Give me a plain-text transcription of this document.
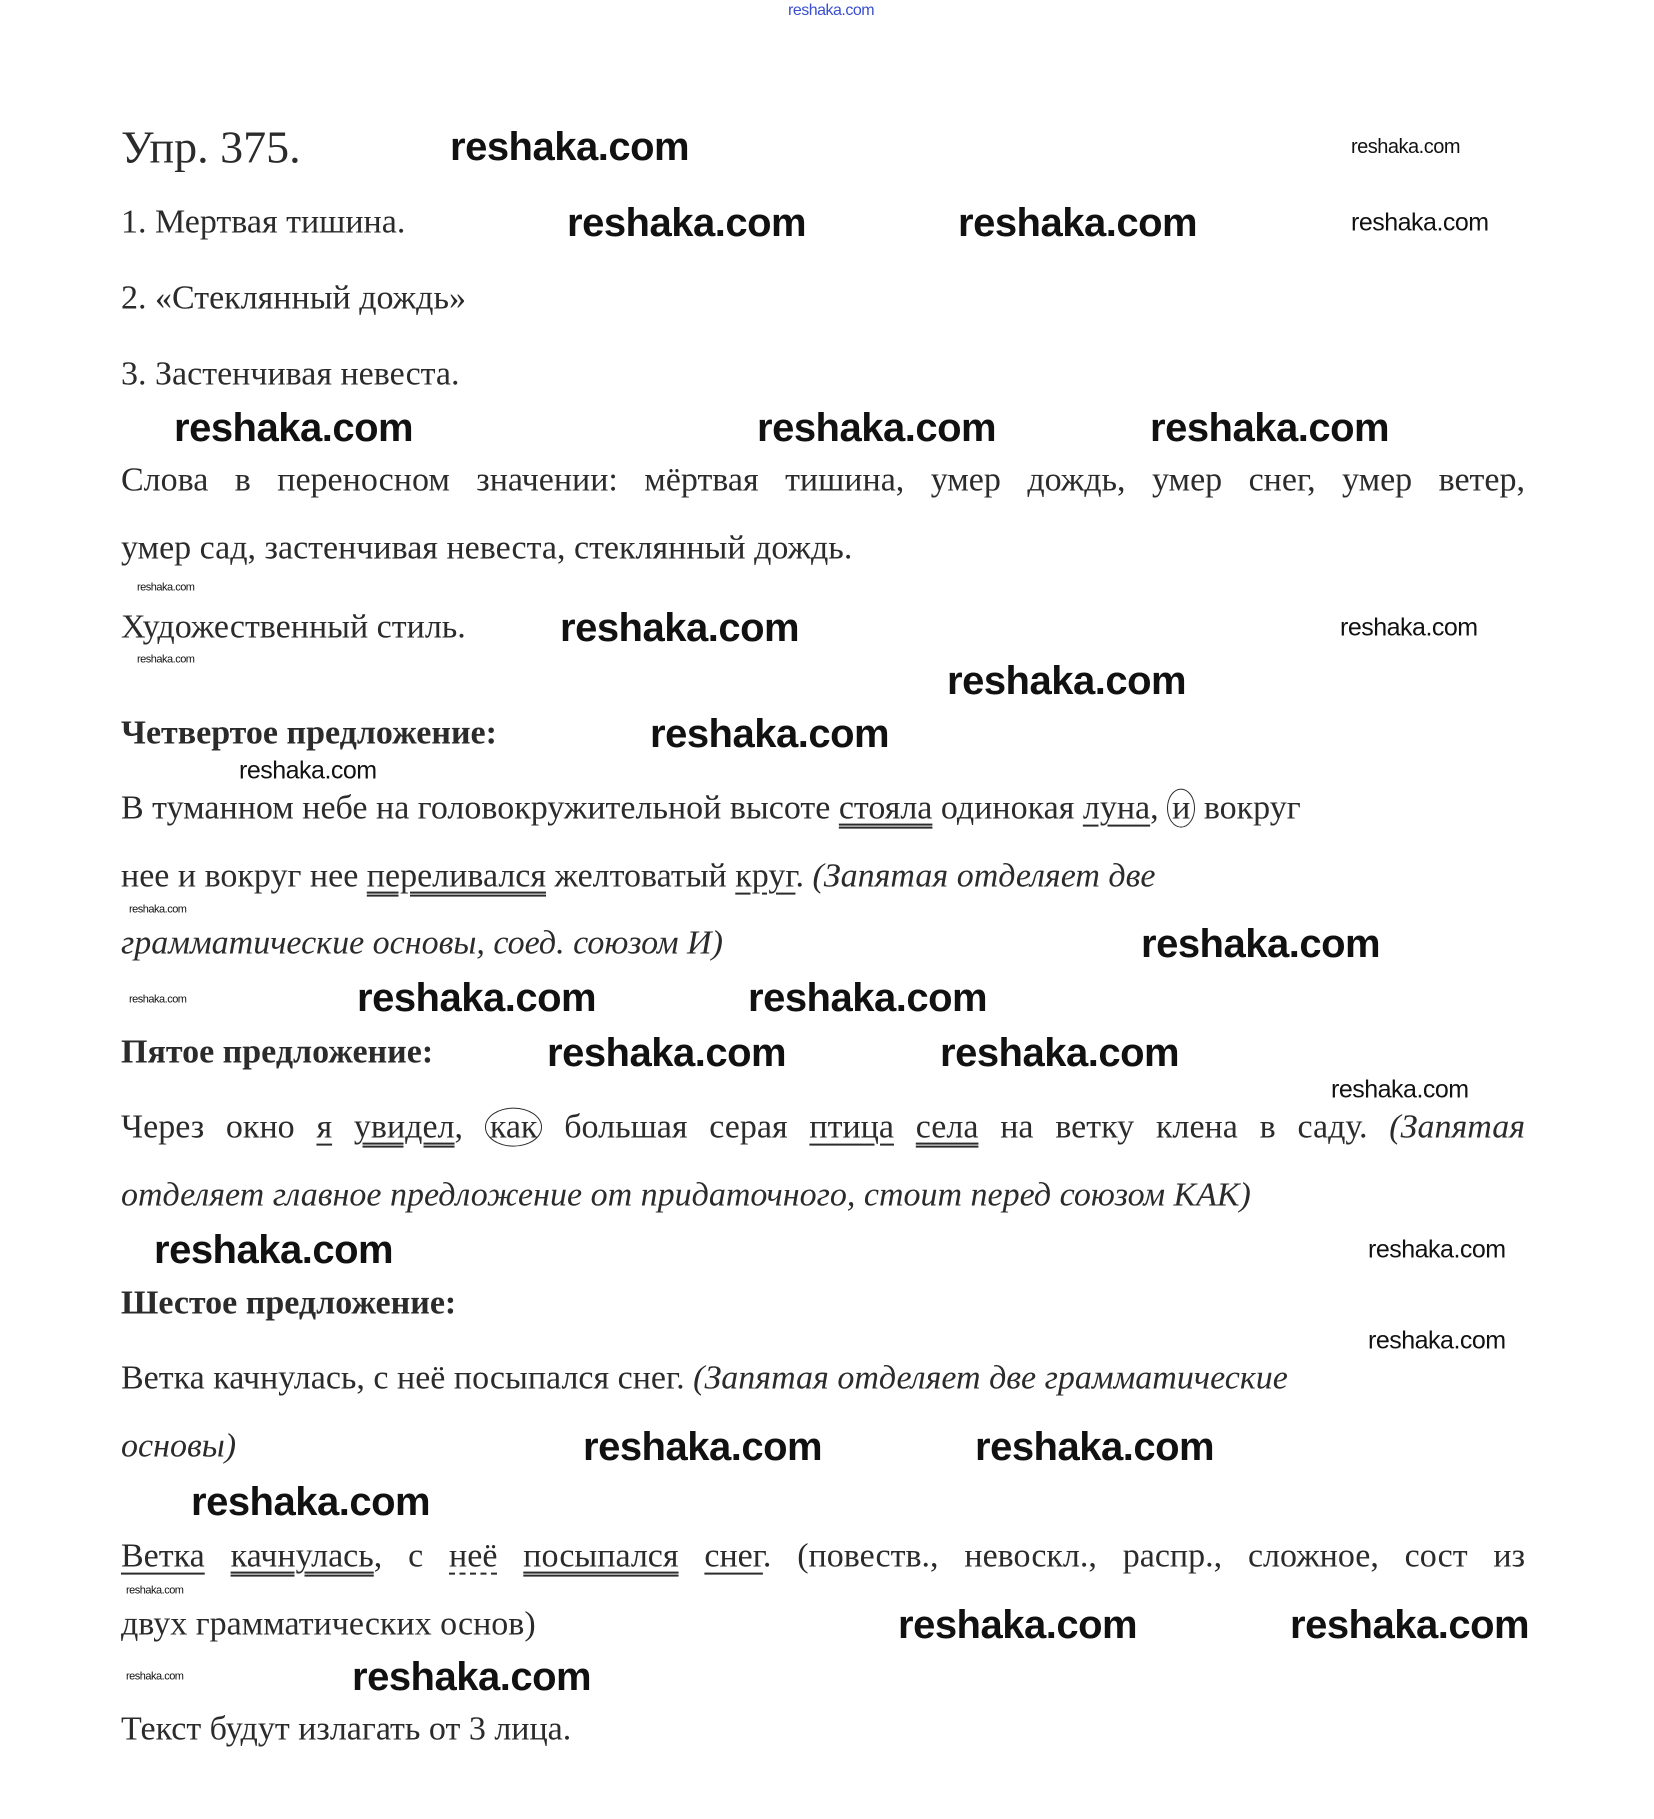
Упр. 375.
1. Мертвая тишина.
2. «Стеклянный дождь»
3. Застенчивая невеста.
Слова в переносном значении: мёртвая тишина, умер дождь, умер снег, умер ветер,
умер сад, застенчивая невеста, стеклянный дождь.
Художественный стиль.
Четвертое предложение:
В туманном небе на головокружительной высоте стояла одинокая луна, и вокруг
нее и вокруг нее переливался желтоватый круг. (Запятая отделяет две
грамматические основы, соед. союзом И)
Пятое предложение:
Через окно я увидел, как большая серая птица села на ветку клена в саду. (Запятая
отделяет главное предложение от придаточного, стоит перед союзом КАК)
Шестое предложение:
Ветка качнулась, с неё посыпался снег. (Запятая отделяет две грамматические
основы)
Ветка качнулась, с неё посыпался снег. (повеств., невоскл., распр., сложное, сост из
двух грамматических основ)
Текст будут излагать от 3 лица.
reshaka.com
reshaka.com
reshaka.com
reshaka.com	reshaka.com	reshaka.com
reshaka.com	reshaka.com	reshaka.com
reshaka.com
reshaka.com
reshaka.com
reshaka.com
reshaka.com
reshaka.com
reshaka.com
reshaka.com
reshaka.com
reshaka.com	reshaka.com
reshaka.com
reshaka.com
reshaka.com	reshaka.com
reshaka.com	reshaka.com
reshaka.com
reshaka.com	reshaka.com
reshaka.com
reshaka.com
reshaka.com	reshaka.com
reshaka.com
reshaka.com
